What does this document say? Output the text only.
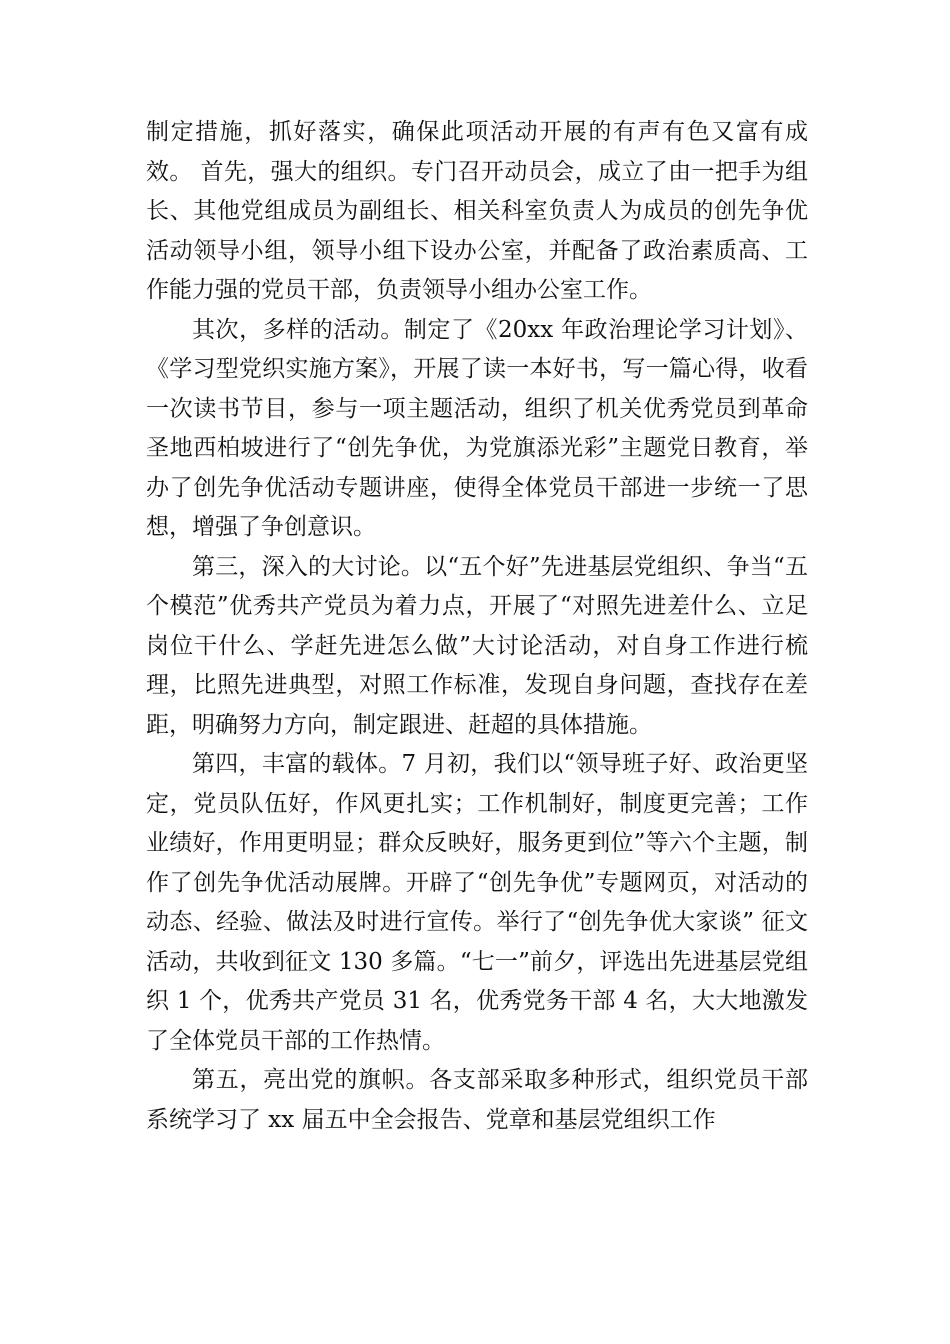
制定措施，抓好落实，确保此项活动开展的有声有色又富有成效。 首先，强大的组织。专门召开动员会，成立了由一把手为组长、其他党组成员为副组长、相关科室负责人为成员的创先争优活动领导小组，领导小组下设办公室，并配备了政治素质高、工作能力强的党员干部，负责领导小组办公室工作。

其次，多样的活动。制定了《20xx 年政治理论学习计划》、《学习型党织实施方案》，开展了读一本好书，写一篇心得，收看一次读书节目，参与一项主题活动，组织了机关优秀党员到革命圣地西柏坡进行了“创先争优，为党旗添光彩”主题党日教育，举办了创先争优活动专题讲座，使得全体党员干部进一步统一了思想，增强了争创意识。

第三，深入的大讨论。以“五个好”先进基层党组织、争当“五个模范”优秀共产党员为着力点，开展了“对照先进差什么、立足岗位干什么、学赶先进怎么做”大讨论活动，对自身工作进行梳理，比照先进典型，对照工作标准，发现自身问题，查找存在差距，明确努力方向，制定跟进、赶超的具体措施。

第四，丰富的载体。7 月初，我们以“领导班子好、政治更坚定，党员队伍好，作风更扎实；工作机制好，制度更完善；工作业绩好，作用更明显；群众反映好，服务更到位”等六个主题，制作了创先争优活动展牌。开辟了“创先争优”专题网页，对活动的动态、经验、做法及时进行宣传。举行了“创先争优大家谈” 征文活动，共收到征文 130 多篇。“七一”前夕，评选出先进基层党组织 1 个，优秀共产党员 31 名，优秀党务干部 4 名，大大地激发了全体党员干部的工作热情。

第五，亮出党的旗帜。各支部采取多种形式，组织党员干部系统学习了 xx 届五中全会报告、党章和基层党组织工作
